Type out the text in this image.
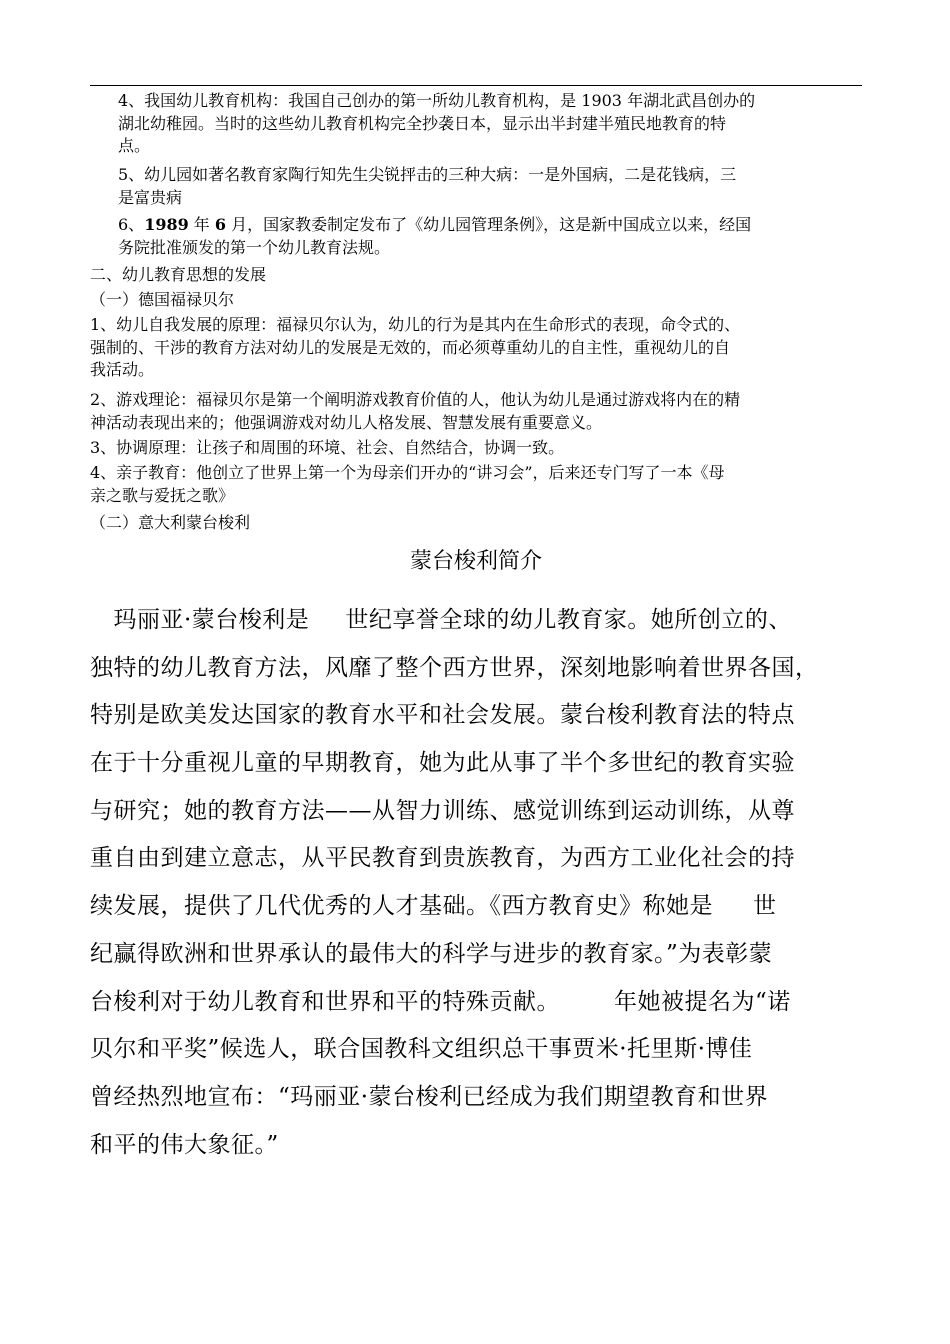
4、我国幼儿教育机构：我国自己创办的第一所幼儿教育机构，是 1903 年湖北武昌创办的
湖北幼稚园。当时的这些幼儿教育机构完全抄袭日本，显示出半封建半殖民地教育的特
点。
5、幼儿园如著名教育家陶行知先生尖锐抨击的三种大病：一是外国病，二是花钱病，三
是富贵病
6、1989 年 6 月，国家教委制定发布了《幼儿园管理条例》，这是新中国成立以来，经国
务院批准颁发的第一个幼儿教育法规。
二、幼儿教育思想的发展
（一）德国福禄贝尔
1、幼儿自我发展的原理：福禄贝尔认为，幼儿的行为是其内在生命形式的表现，命令式的、
强制的、干涉的教育方法对幼儿的发展是无效的，而必须尊重幼儿的自主性，重视幼儿的自
我活动。
2、游戏理论：福禄贝尔是第一个阐明游戏教育价值的人，他认为幼儿是通过游戏将内在的精
神活动表现出来的；他强调游戏对幼儿人格发展、智慧发展有重要意义。
3、协调原理：让孩子和周围的环境、社会、自然结合，协调一致。
4、亲子教育：他创立了世界上第一个为母亲们开办的“讲习会”，后来还专门写了一本《母
亲之歌与爱抚之歌》
（二）意大利蒙台梭利
蒙台梭利简介
　玛丽亚·蒙台梭利是 世纪享誉全球的幼儿教育家。她所创立的、
独特的幼儿教育方法，风靡了整个西方世界，深刻地影响着世界各国，
特别是欧美发达国家的教育水平和社会发展。蒙台梭利教育法的特点
在于十分重视儿童的早期教育，她为此从事了半个多世纪的教育实验
与研究；她的教育方法——从智力训练、感觉训练到运动训练，从尊
重自由到建立意志，从平民教育到贵族教育，为西方工业化社会的持
续发展，提供了几代优秀的人才基础。《西方教育史》称她是 世
纪赢得欧洲和世界承认的最伟大的科学与进步的教育家。”为表彰蒙
台梭利对于幼儿教育和世界和平的特殊贡献。 年她被提名为“诺
贝尔和平奖”候选人，联合国教科文组织总干事贾米·托里斯·博佳
曾经热烈地宣布：“玛丽亚·蒙台梭利已经成为我们期望教育和世界
和平的伟大象征。”
